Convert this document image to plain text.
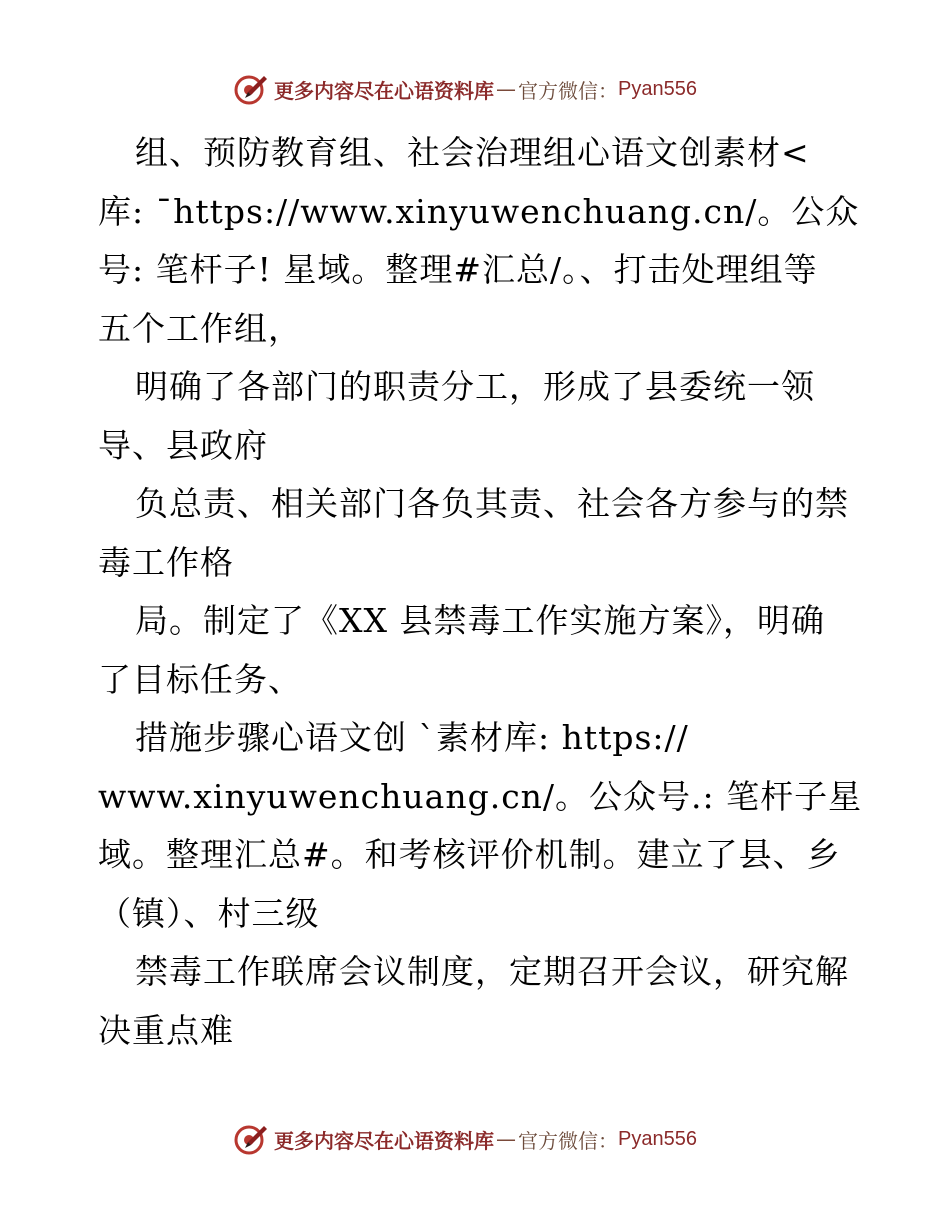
更多内容尽在心语资料库 — 官方微信： Pyan556
组、预防教育组、社会治理组心语文创素材<
库: ¯https://www.xinyuwenchuang.cn/。公众
号: 笔杆子! 星域。整理#汇总/。、打击处理组等
五个工作组，
明确了各部门的职责分工，形成了县委统一领
导、县政府
负总责、相关部门各负其责、社会各方参与的禁
毒工作格
局。制定了《XX 县禁毒工作实施方案》，明确
了目标任务、
措施步骤心语文创 ˋ素材库: https://
www.xinyuwenchuang.cn/。公众号.: 笔杆子星
域。整理汇总#。和考核评价机制。建立了县、乡
（镇）、村三级
禁毒工作联席会议制度，定期召开会议，研究解
决重点难
更多内容尽在心语资料库 — 官方微信： Pyan556
